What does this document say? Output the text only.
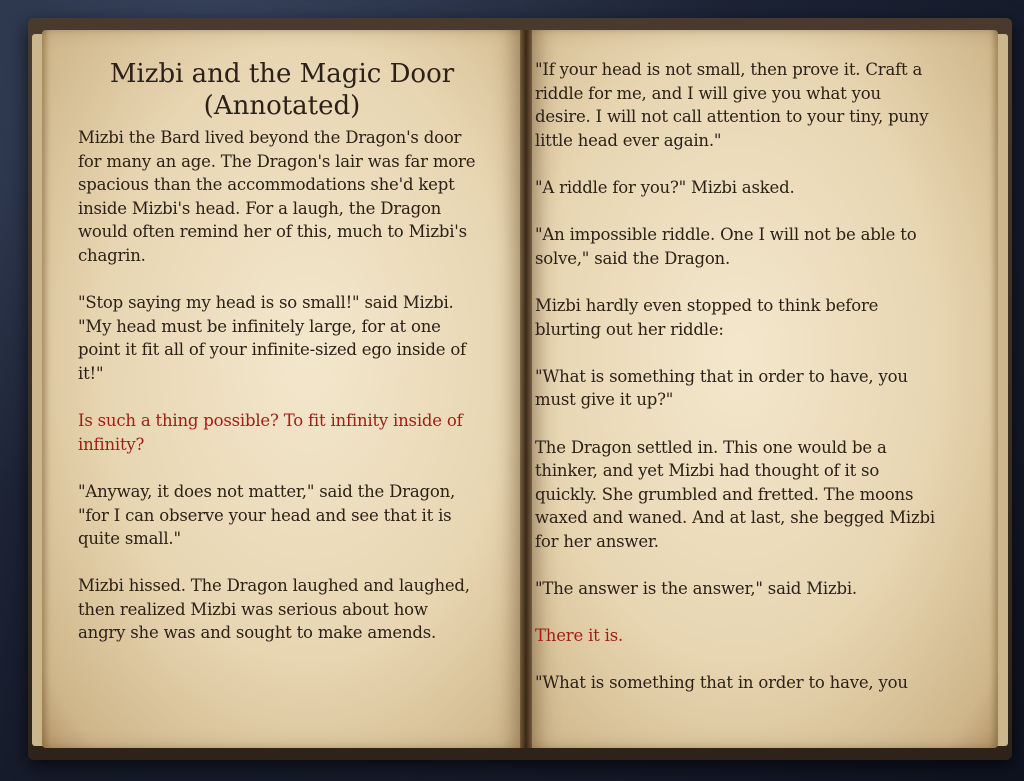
Mizbi and the Magic Door
(Annotated)

Mizbi the Bard lived beyond the Dragon's door for many an age. The Dragon's lair was far more spacious than the accommodations she'd kept inside Mizbi's head. For a laugh, the Dragon would often remind her of this, much to Mizbi's chagrin.

"Stop saying my head is so small!" said Mizbi. "My head must be infinitely large, for at one point it fit all of your infinite-sized ego inside of it!"

Is such a thing possible? To fit infinity inside of infinity?

"Anyway, it does not matter," said the Dragon, "for I can observe your head and see that it is quite small."

Mizbi hissed. The Dragon laughed and laughed, then realized Mizbi was serious about how angry she was and sought to make amends.

"If your head is not small, then prove it. Craft a riddle for me, and I will give you what you desire. I will not call attention to your tiny, puny little head ever again."

"A riddle for you?" Mizbi asked.

"An impossible riddle. One I will not be able to solve," said the Dragon.

Mizbi hardly even stopped to think before blurting out her riddle:

"What is something that in order to have, you must give it up?"

The Dragon settled in. This one would be a thinker, and yet Mizbi had thought of it so quickly. She grumbled and fretted. The moons waxed and waned. And at last, she begged Mizbi for her answer.

"The answer is the answer," said Mizbi.

There it is.

"What is something that in order to have, you
